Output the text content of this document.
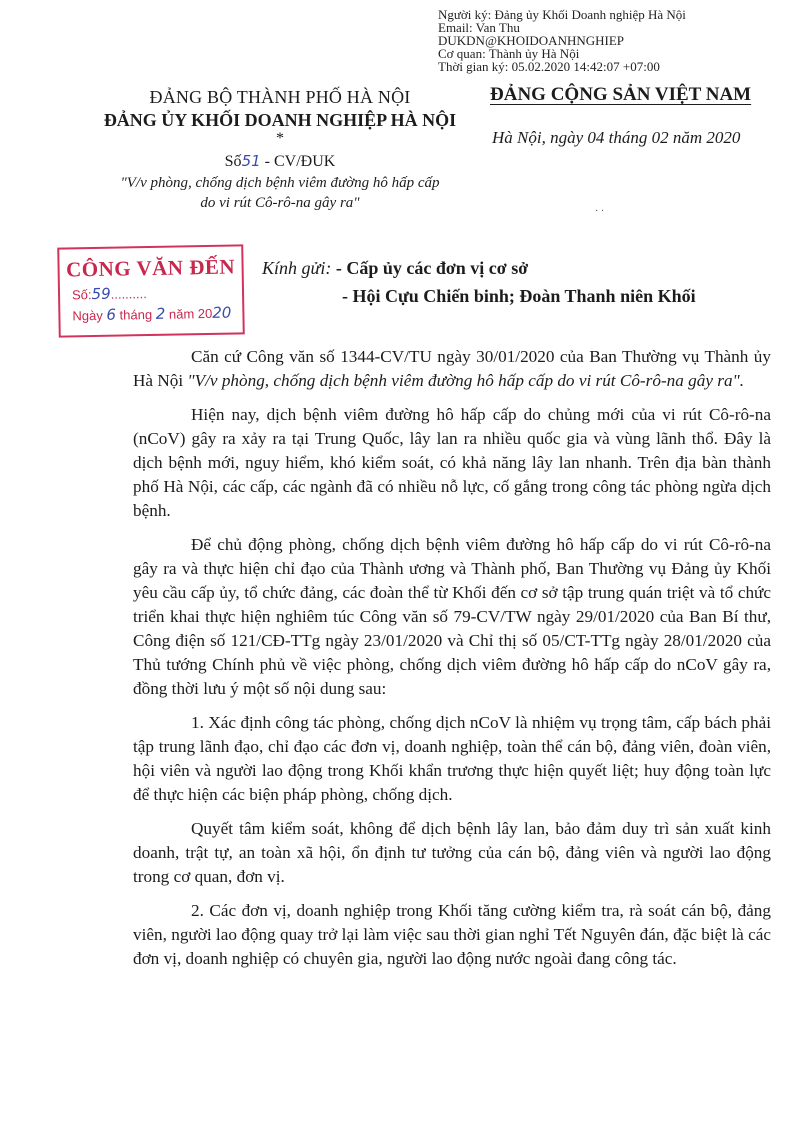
Người ký: Đảng ủy Khối Doanh nghiệp Hà Nội
Email: Van Thu
DUKDN@KHOIDOANHNGHIEP
Cơ quan: Thành ủy Hà Nội
Thời gian ký: 05.02.2020 14:42:07 +07:00
ĐẢNG BỘ THÀNH PHỐ HÀ NỘI
ĐẢNG ỦY KHỐI DOANH NGHIỆP HÀ NỘI
*
Số51 - CV/ĐUK
"V/v phòng, chống dịch bệnh viêm đường hô hấp cấp
do vi rút Cô-rô-na gây ra"
ĐẢNG CỘNG SẢN VIỆT NAM
Hà Nội, ngày 04 tháng 02 năm 2020
· ·
CÔNG VĂN ĐẾN
Số:59..........
Ngày 6 tháng 2 năm 2020
Kính gửi: - Cấp ủy các đơn vị cơ sở
- Hội Cựu Chiến binh; Đoàn Thanh niên Khối

Căn cứ Công văn số 1344-CV/TU ngày 30/01/2020 của Ban Thường vụ Thành ủy Hà Nội "V/v phòng, chống dịch bệnh viêm đường hô hấp cấp do vi rút Cô-rô-na gây ra".

Hiện nay, dịch bệnh viêm đường hô hấp cấp do chủng mới của vi rút Cô-rô-na (nCoV) gây ra xảy ra tại Trung Quốc, lây lan ra nhiều quốc gia và vùng lãnh thổ. Đây là dịch bệnh mới, nguy hiểm, khó kiểm soát, có khả năng lây lan nhanh. Trên địa bàn thành phố Hà Nội, các cấp, các ngành đã có nhiều nỗ lực, cố gắng trong công tác phòng ngừa dịch bệnh.

Để chủ động phòng, chống dịch bệnh viêm đường hô hấp cấp do vi rút Cô-rô-na gây ra và thực hiện chỉ đạo của Thành ương và Thành phố, Ban Thường vụ Đảng ủy Khối yêu cầu cấp ủy, tổ chức đảng, các đoàn thể từ Khối đến cơ sở tập trung quán triệt và tổ chức triển khai thực hiện nghiêm túc Công văn số 79-CV/TW ngày 29/01/2020 của Ban Bí thư, Công điện số 121/CĐ-TTg ngày 23/01/2020 và Chỉ thị số 05/CT-TTg ngày 28/01/2020 của Thủ tướng Chính phủ về việc phòng, chống dịch viêm đường hô hấp cấp do nCoV gây ra, đồng thời lưu ý một số nội dung sau:

1. Xác định công tác phòng, chống dịch nCoV là nhiệm vụ trọng tâm, cấp bách phải tập trung lãnh đạo, chỉ đạo các đơn vị, doanh nghiệp, toàn thể cán bộ, đảng viên, đoàn viên, hội viên và người lao động trong Khối khẩn trương thực hiện quyết liệt; huy động toàn lực để thực hiện các biện pháp phòng, chống dịch.

Quyết tâm kiểm soát, không để dịch bệnh lây lan, bảo đảm duy trì sản xuất kinh doanh, trật tự, an toàn xã hội, ổn định tư tưởng của cán bộ, đảng viên và người lao động trong cơ quan, đơn vị.

2. Các đơn vị, doanh nghiệp trong Khối tăng cường kiểm tra, rà soát cán bộ, đảng viên, người lao động quay trở lại làm việc sau thời gian nghỉ Tết Nguyên đán, đặc biệt là các đơn vị, doanh nghiệp có chuyên gia, người lao động nước ngoài đang công tác.
